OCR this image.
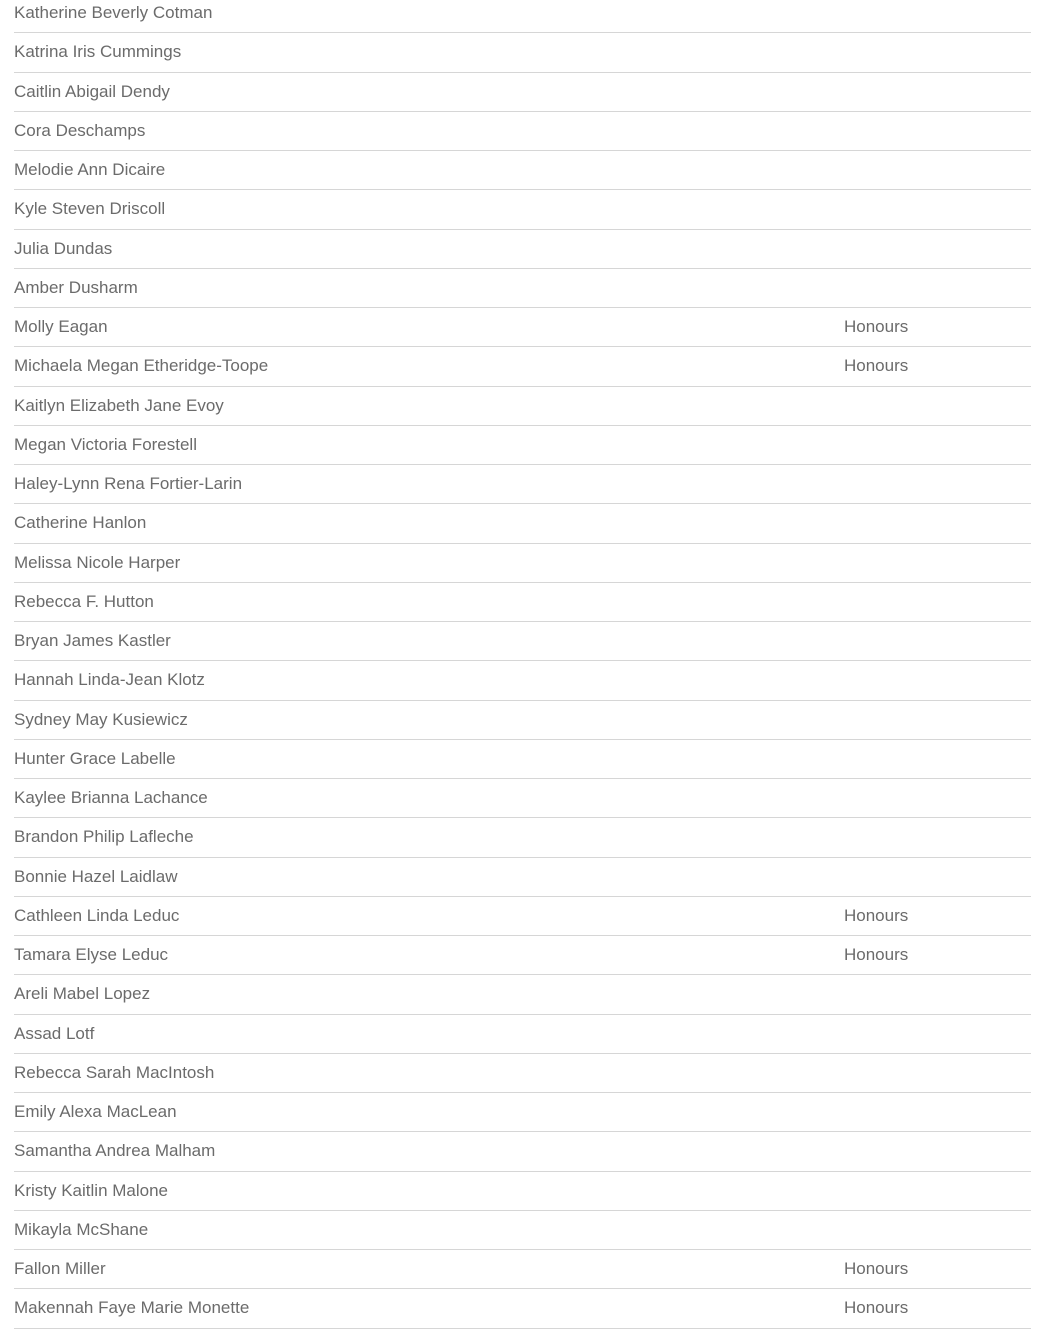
Katherine Beverly Cotman
Katrina Iris Cummings
Caitlin Abigail Dendy
Cora Deschamps
Melodie Ann Dicaire
Kyle Steven Driscoll
Julia Dundas
Amber Dusharm
Molly Eagan	Honours
Michaela Megan Etheridge-Toope	Honours
Kaitlyn Elizabeth Jane Evoy
Megan Victoria Forestell
Haley-Lynn Rena Fortier-Larin
Catherine Hanlon
Melissa Nicole Harper
Rebecca F. Hutton
Bryan James Kastler
Hannah Linda-Jean Klotz
Sydney May Kusiewicz
Hunter Grace Labelle
Kaylee Brianna Lachance
Brandon Philip Lafleche
Bonnie Hazel Laidlaw
Cathleen Linda Leduc	Honours
Tamara Elyse Leduc	Honours
Areli Mabel Lopez
Assad Lotf
Rebecca Sarah MacIntosh
Emily Alexa MacLean
Samantha Andrea Malham
Kristy Kaitlin Malone
Mikayla McShane
Fallon Miller	Honours
Makennah Faye Marie Monette	Honours
